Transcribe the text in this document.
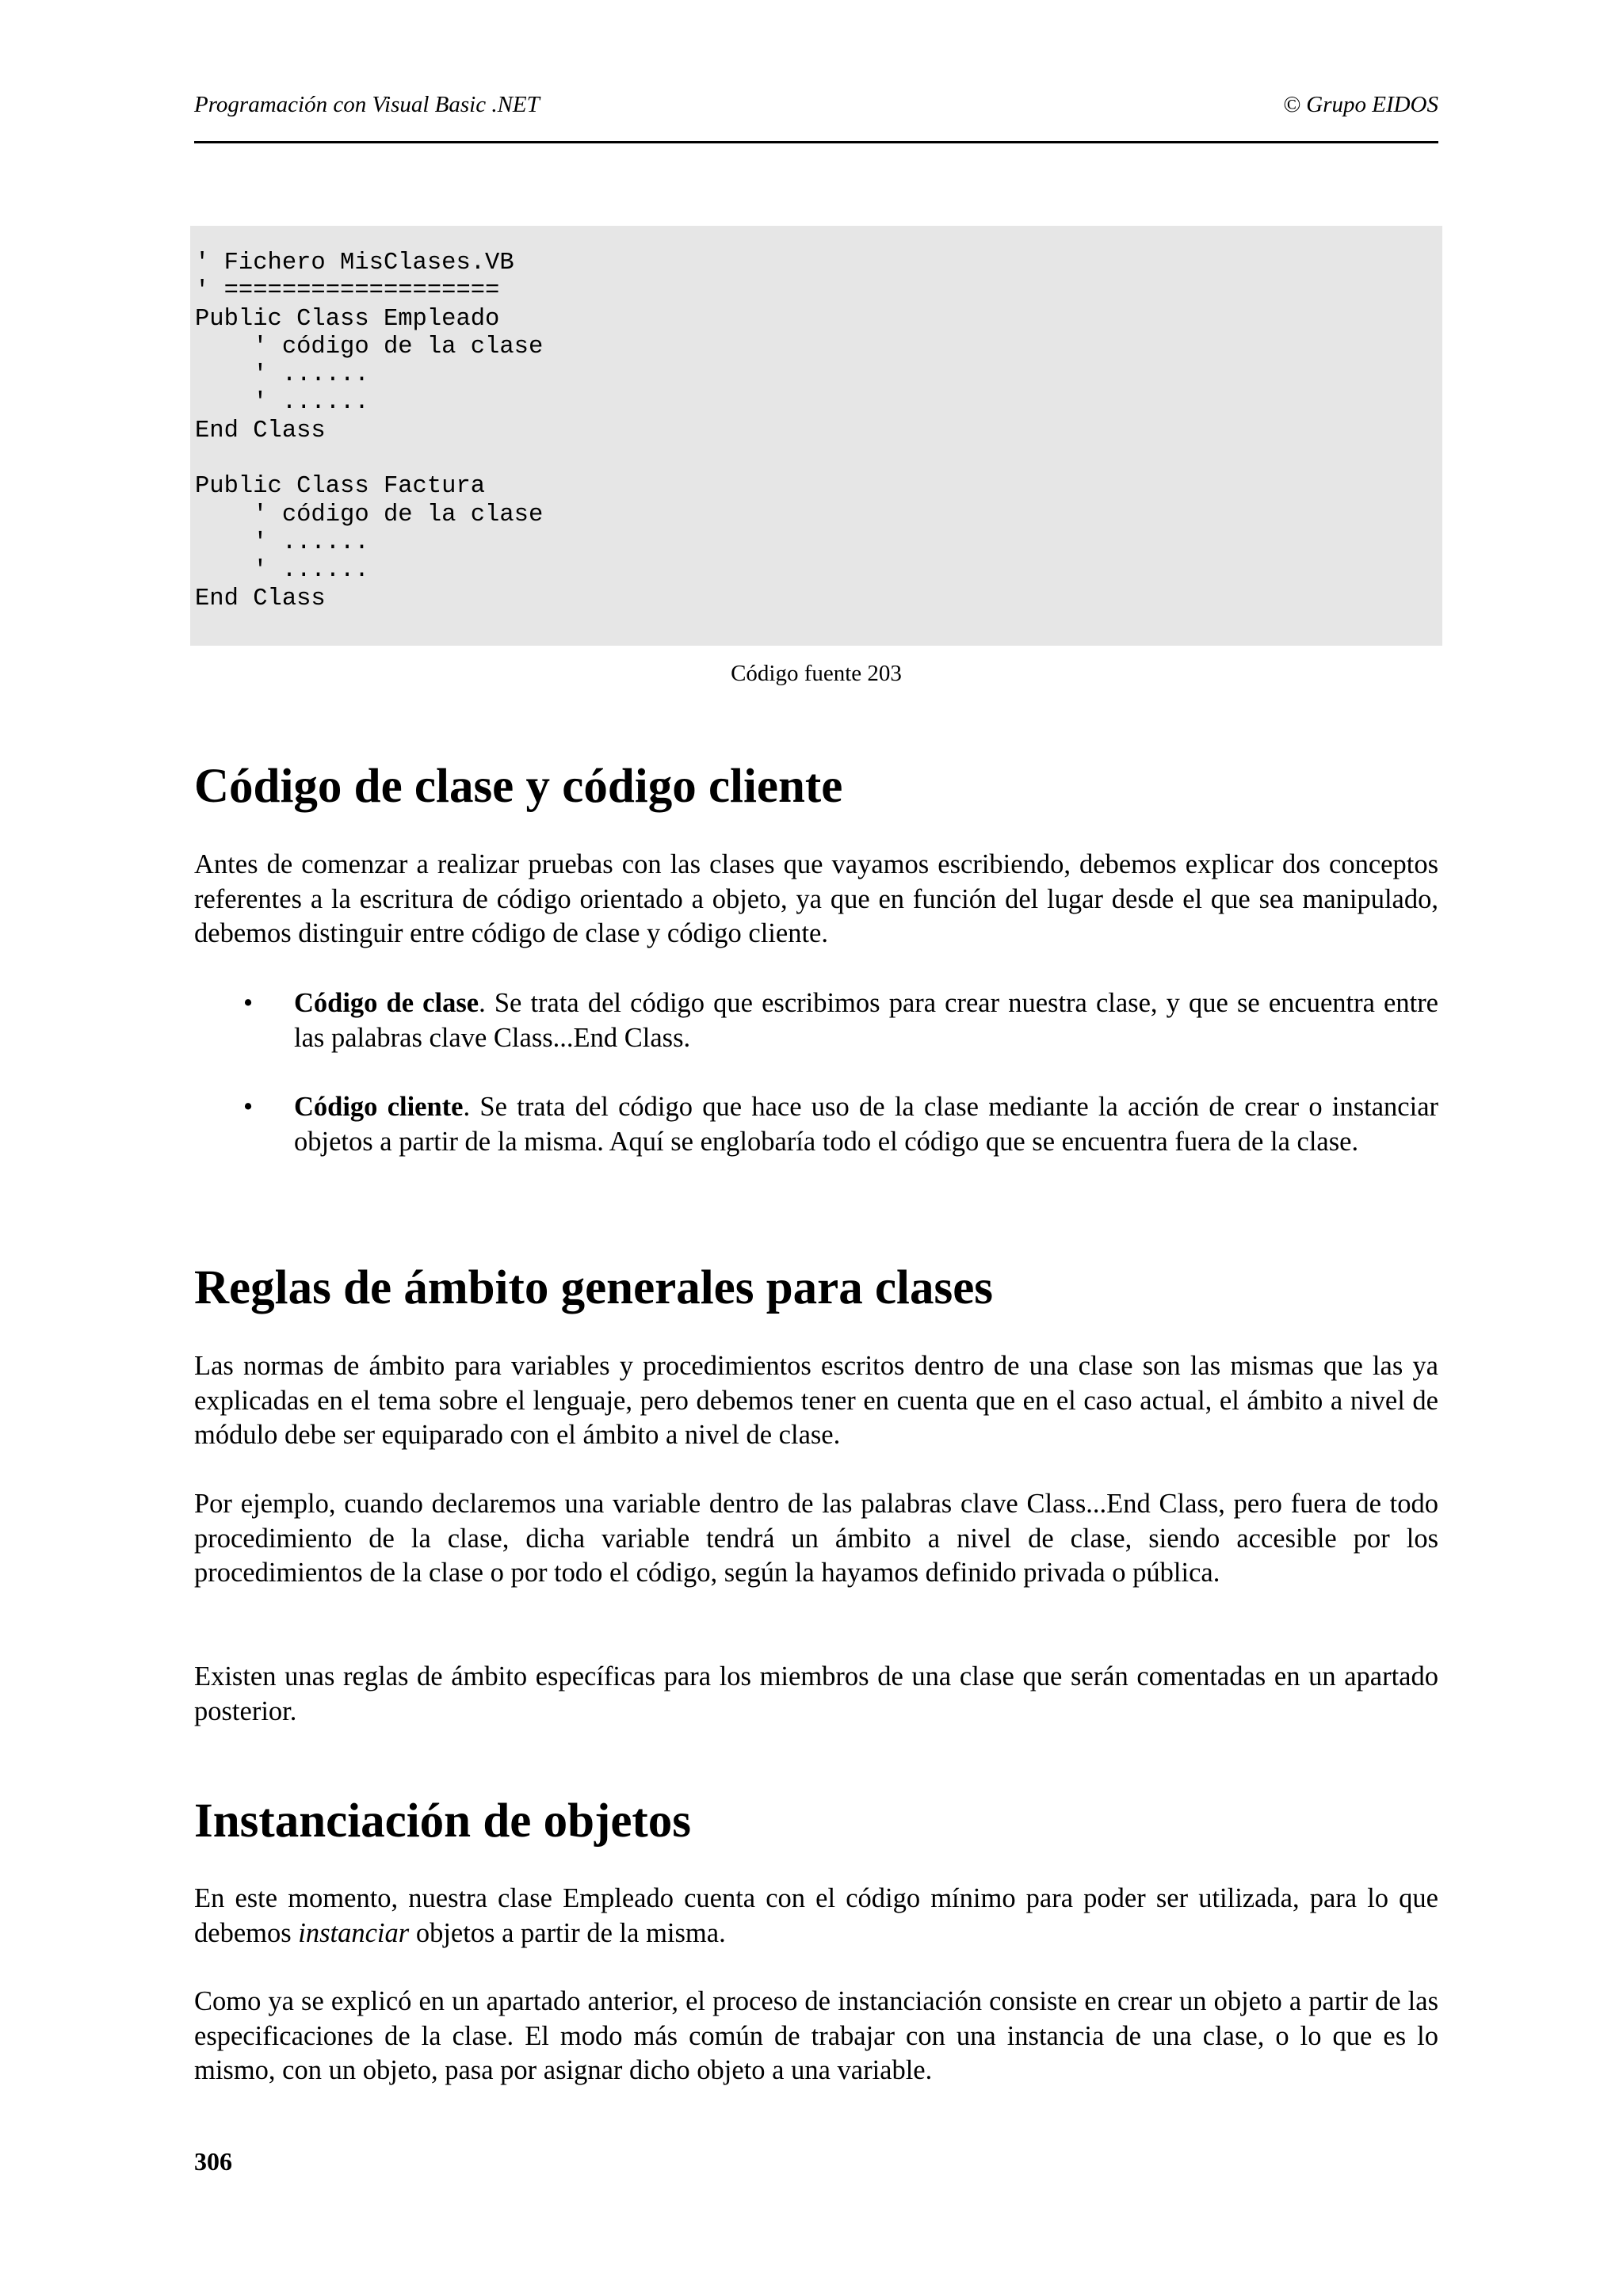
Programación con Visual Basic .NET	© Grupo EIDOS
' Fichero MisClases.VB
' ===================
Public Class Empleado
' código de la clase
' ......
' ......
End Class
Public Class Factura
' código de la clase
' ......
' ......
End Class
Código fuente 203
Código de clase y código cliente
Antes de comenzar a realizar pruebas con las clases que vayamos escribiendo, debemos explicar dos conceptos referentes a la escritura de código orientado a objeto, ya que en función del lugar desde el que sea manipulado, debemos distinguir entre código de clase y código cliente.
• Código de clase. Se trata del código que escribimos para crear nuestra clase, y que se encuentra entre las palabras clave Class...End Class.
• Código cliente. Se trata del código que hace uso de la clase mediante la acción de crear o instanciar objetos a partir de la misma. Aquí se englobaría todo el código que se encuentra fuera de la clase.
Reglas de ámbito generales para clases
Las normas de ámbito para variables y procedimientos escritos dentro de una clase son las mismas que las ya explicadas en el tema sobre el lenguaje, pero debemos tener en cuenta que en el caso actual, el ámbito a nivel de módulo debe ser equiparado con el ámbito a nivel de clase.
Por ejemplo, cuando declaremos una variable dentro de las palabras clave Class...End Class, pero fuera de todo procedimiento de la clase, dicha variable tendrá un ámbito a nivel de clase, siendo accesible por los procedimientos de la clase o por todo el código, según la hayamos definido privada o pública.
Existen unas reglas de ámbito específicas para los miembros de una clase que serán comentadas en un apartado posterior.
Instanciación de objetos
En este momento, nuestra clase Empleado cuenta con el código mínimo para poder ser utilizada, para lo que debemos instanciar objetos a partir de la misma.
Como ya se explicó en un apartado anterior, el proceso de instanciación consiste en crear un objeto a partir de las especificaciones de la clase. El modo más común de trabajar con una instancia de una clase, o lo que es lo mismo, con un objeto, pasa por asignar dicho objeto a una variable.
306
